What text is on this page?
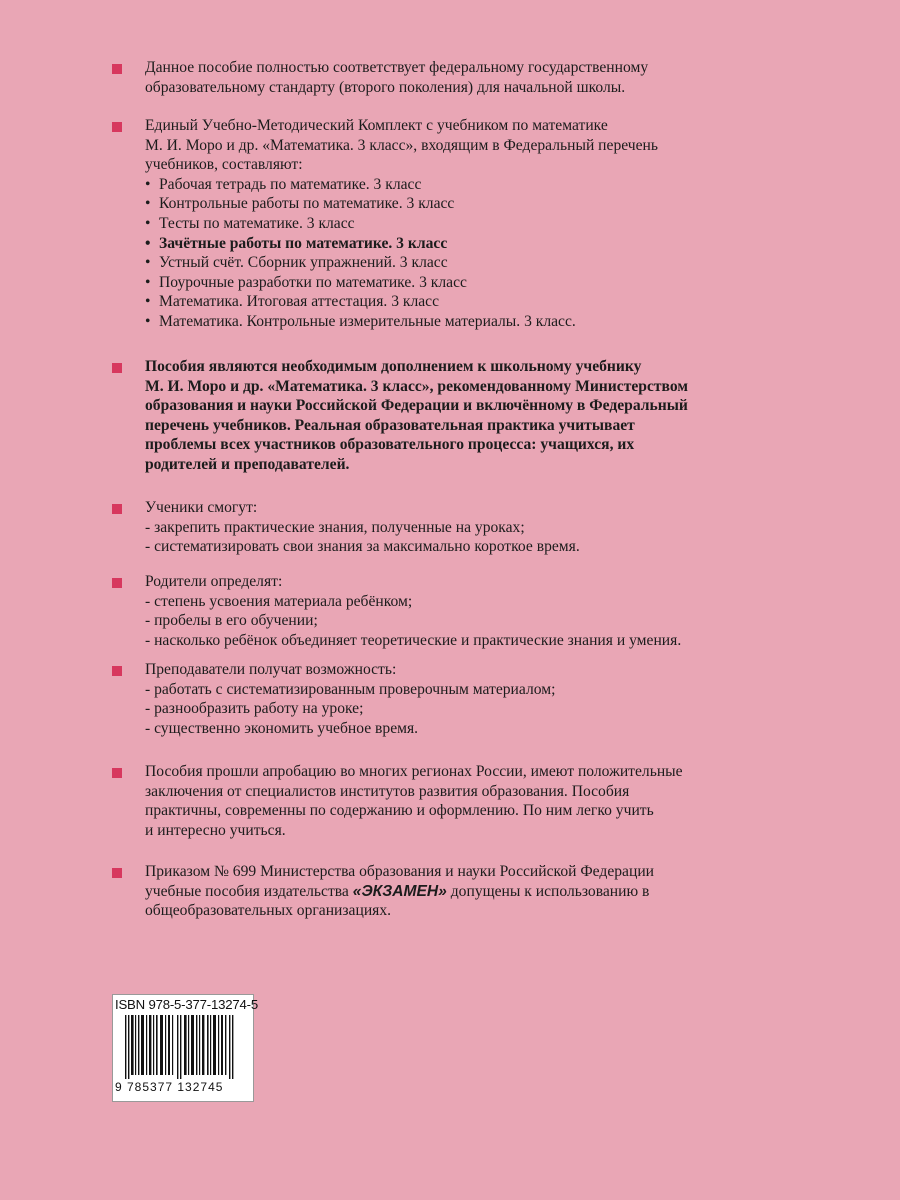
Данное пособие полностью соответствует федеральному государственному
образовательному стандарту (второго поколения) для начальной школы.
Единый Учебно-Методический Комплект с учебником по математике
М. И. Моро и др. «Математика. 3 класс», входящим в Федеральный перечень
учебников, составляют:
• Рабочая тетрадь по математике. 3 класс
• Контрольные работы по математике. 3 класс
• Тесты по математике. 3 класс
• Зачётные работы по математике. 3 класс
• Устный счёт. Сборник упражнений. 3 класс
• Поурочные разработки по математике. 3 класс
• Математика. Итоговая аттестация. 3 класс
• Математика. Контрольные измерительные материалы. 3 класс.
Пособия являются необходимым дополнением к школьному учебнику
М. И. Моро и др. «Математика. 3 класс», рекомендованному Министерством
образования и науки Российской Федерации и включённому в Федеральный
перечень учебников. Реальная образовательная практика учитывает
проблемы всех участников образовательного процесса: учащихся, их
родителей и преподавателей.
Ученики смогут:
- закрепить практические знания, полученные на уроках;
- систематизировать свои знания за максимально короткое время.
Родители определят:
- степень усвоения материала ребёнком;
- пробелы в его обучении;
- насколько ребёнок объединяет теоретические и практические знания и умения.
Преподаватели получат возможность:
- работать с систематизированным проверочным материалом;
- разнообразить работу на уроке;
- существенно экономить учебное время.
Пособия прошли апробацию во многих регионах России, имеют положительные
заключения от специалистов институтов развития образования. Пособия
практичны, современны по содержанию и оформлению. По ним легко учить
и интересно учиться.
Приказом № 699 Министерства образования и науки Российской Федерации
учебные пособия издательства «ЭКЗАМЕН» допущены к использованию в
общеобразовательных организациях.
ISBN 978-5-377-13274-5
9 785377 132745
